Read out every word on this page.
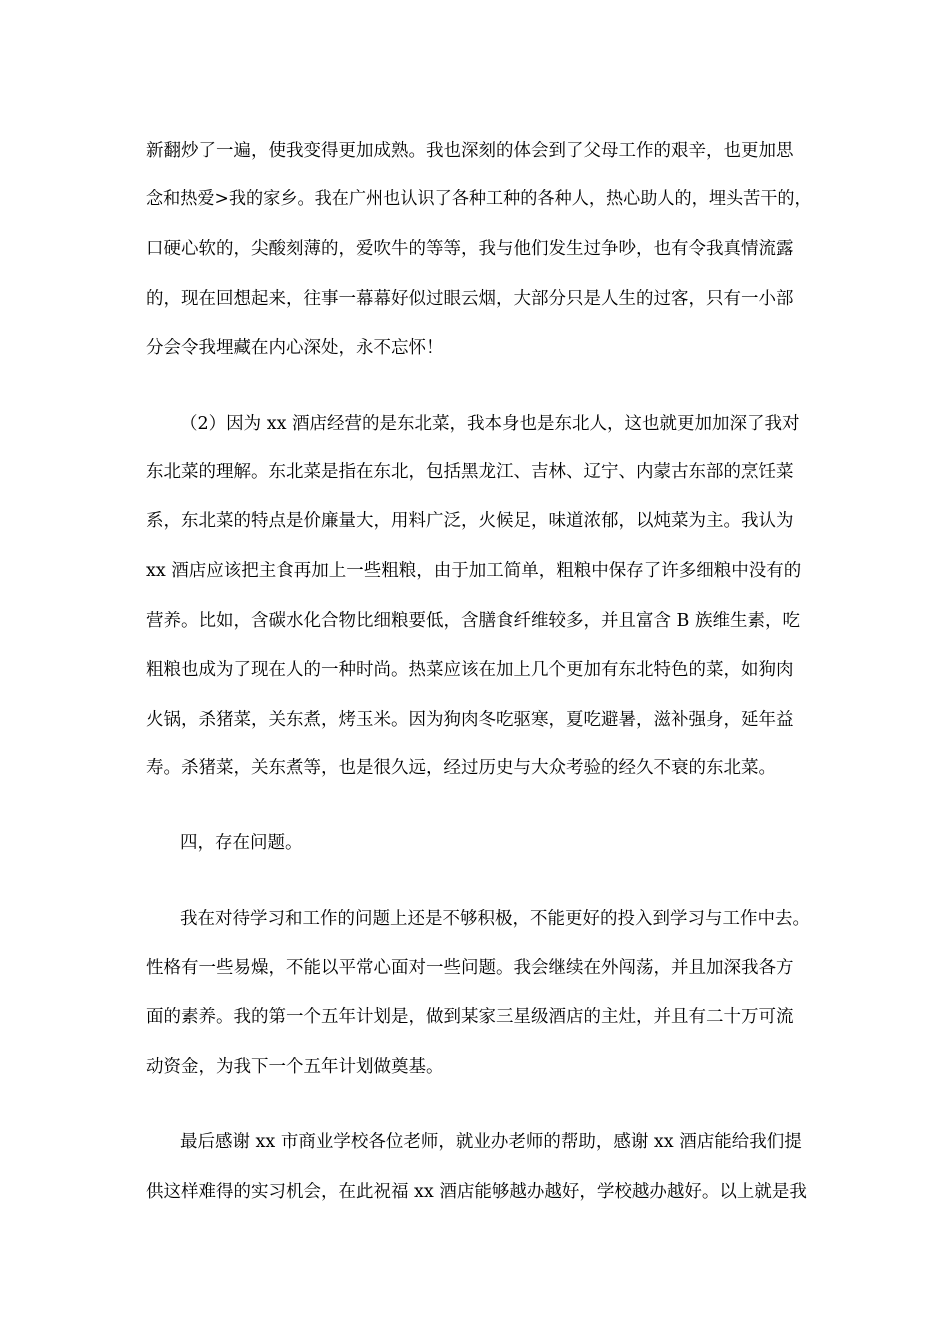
新翻炒了一遍，使我变得更加成熟。我也深刻的体会到了父母工作的艰辛，也更加思

念和热爱>我的家乡。我在广州也认识了各种工种的各种人，热心助人的，埋头苦干的，

口硬心软的，尖酸刻薄的，爱吹牛的等等，我与他们发生过争吵，也有令我真情流露

的，现在回想起来，往事一幕幕好似过眼云烟，大部分只是人生的过客，只有一小部

分会令我埋藏在内心深处，永不忘怀！

（2）因为 xx 酒店经营的是东北菜，我本身也是东北人，这也就更加加深了我对

东北菜的理解。东北菜是指在东北，包括黑龙江、吉林、辽宁、内蒙古东部的烹饪菜

系，东北菜的特点是价廉量大，用料广泛，火候足，味道浓郁，以炖菜为主。我认为

xx 酒店应该把主食再加上一些粗粮，由于加工简单，粗粮中保存了许多细粮中没有的

营养。比如，含碳水化合物比细粮要低，含膳食纤维较多，并且富含 B 族维生素，吃

粗粮也成为了现在人的一种时尚。热菜应该在加上几个更加有东北特色的菜，如狗肉

火锅，杀猪菜，关东煮，烤玉米。因为狗肉冬吃驱寒，夏吃避暑，滋补强身，延年益

寿。杀猪菜，关东煮等，也是很久远，经过历史与大众考验的经久不衰的东北菜。

四，存在问题。

我在对待学习和工作的问题上还是不够积极，不能更好的投入到学习与工作中去。

性格有一些易燥，不能以平常心面对一些问题。我会继续在外闯荡，并且加深我各方

面的素养。我的第一个五年计划是，做到某家三星级酒店的主灶，并且有二十万可流

动资金，为我下一个五年计划做奠基。

最后感谢 xx 市商业学校各位老师，就业办老师的帮助，感谢 xx 酒店能给我们提

供这样难得的实习机会，在此祝福 xx 酒店能够越办越好，学校越办越好。以上就是我
